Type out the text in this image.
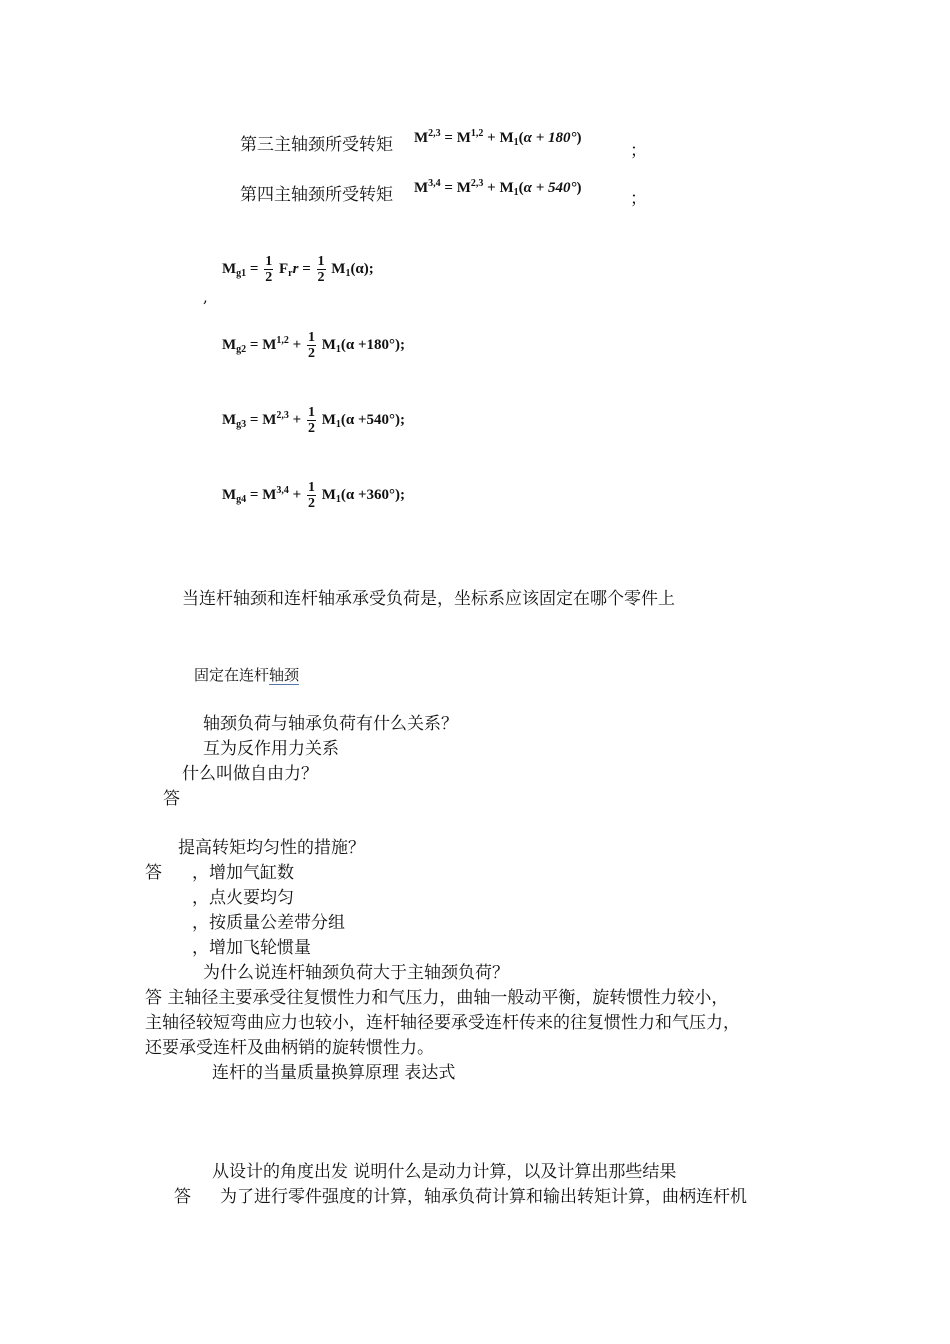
第三主轴颈所受转矩 $M^{2,3} = M^{1,2} + M_1(\alpha + 180^\circ)$
；
第四主轴颈所受转矩 $M^{3,4} = M^{2,3} + M_1(\alpha + 540^\circ)$
；
$M_{g1} = \frac{1}{2} F_rr = \frac{1}{2} M_1(\alpha)$;
,
$M_{g2} = M^{1,2} + \frac{1}{2} M_1(\alpha +180^\circ)$;
$M_{g3} = M^{2,3} + \frac{1}{2} M_1(\alpha +540^\circ)$;
$M_{g4} = M^{3,4} + \frac{1}{2} M_1(\alpha +360^\circ)$;
当连杆轴颈和连杆轴承承受负荷是，坐标系应该固定在哪个零件上
固定在连杆轴颈
轴颈负荷与轴承负荷有什么关系？
互为反作用力关系
什么叫做自由力？
答
提高转矩均匀性的措施？
答 ，增加气缸数
，点火要均匀
，按质量公差带分组
，增加飞轮惯量
为什么说连杆轴颈负荷大于主轴颈负荷？
答 主轴径主要承受往复惯性力和气压力，曲轴一般动平衡，旋转惯性力较小，
主轴径较短弯曲应力也较小，连杆轴径要承受连杆传来的往复惯性力和气压力，
还要承受连杆及曲柄销的旋转惯性力。
连杆的当量质量换算原理 表达式
从设计的角度出发 说明什么是动力计算，以及计算出那些结果
答 为了进行零件强度的计算，轴承负荷计算和输出转矩计算，曲柄连杆机
